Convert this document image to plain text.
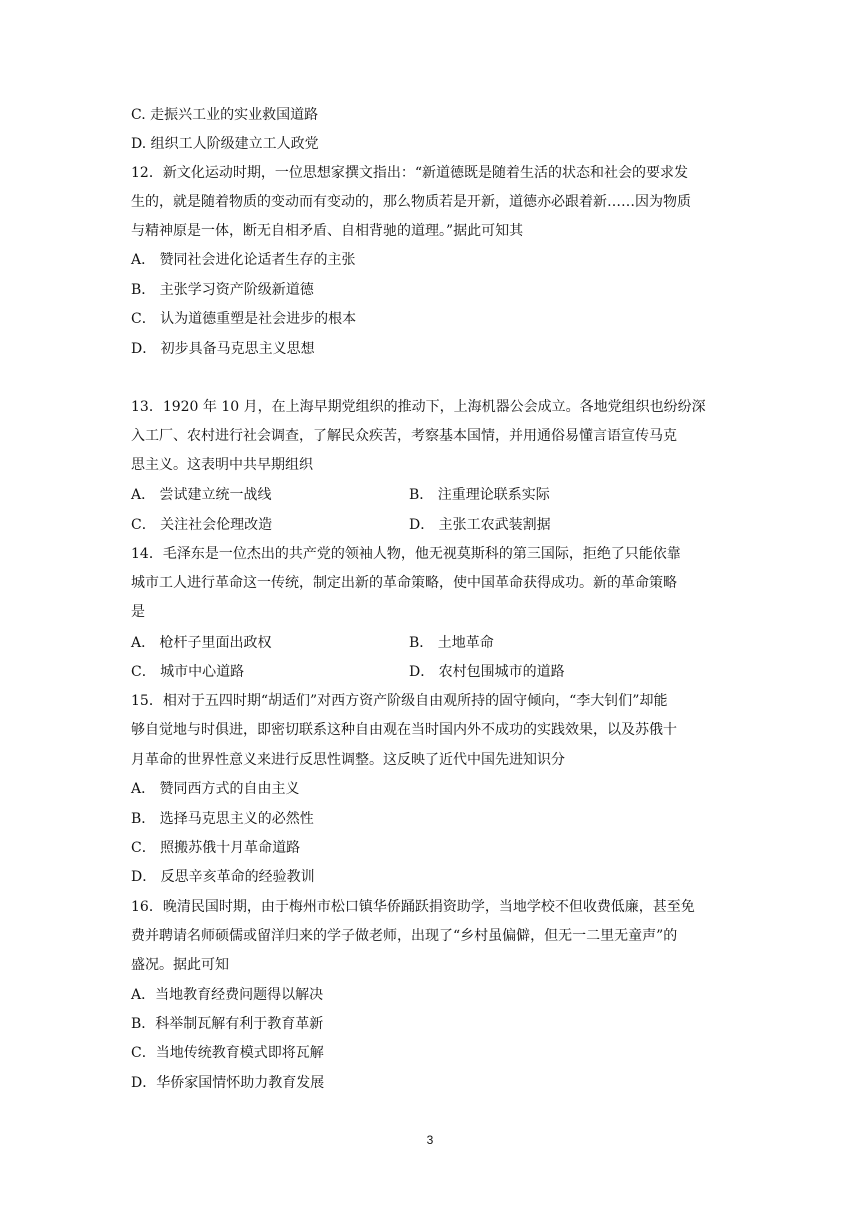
C. 走振兴工业的实业救国道路
D. 组织工人阶级建立工人政党
12．新文化运动时期，一位思想家撰文指出：“新道德既是随着生活的状态和社会的要求发
生的，就是随着物质的变动而有变动的，那么物质若是开新，道德亦必跟着新……因为物质
与精神原是一体，断无自相矛盾、自相背驰的道理。”据此可知其
A． 赞同社会进化论适者生存的主张
B． 主张学习资产阶级新道德
C． 认为道德重塑是社会进步的根本
D． 初步具备马克思主义思想
13．1920 年 10 月，在上海早期党组织的推动下，上海机器公会成立。各地党组织也纷纷深
入工厂、农村进行社会调查，了解民众疾苦，考察基本国情，并用通俗易懂言语宣传马克
思主义。这表明中共早期组织
A． 尝试建立统一战线	B． 注重理论联系实际
C． 关注社会伦理改造	D． 主张工农武装割据
14．毛泽东是一位杰出的共产党的领袖人物，他无视莫斯科的第三国际，拒绝了只能依靠
城市工人进行革命这一传统，制定出新的革命策略，使中国革命获得成功。新的革命策略
是
A． 枪杆子里面出政权	B． 土地革命
C． 城市中心道路	D． 农村包围城市的道路
15．相对于五四时期“胡适们”对西方资产阶级自由观所持的固守倾向，“李大钊们”却能
够自觉地与时俱进，即密切联系这种自由观在当时国内外不成功的实践效果，以及苏俄十
月革命的世界性意义来进行反思性调整。这反映了近代中国先进知识分
A． 赞同西方式的自由主义
B． 选择马克思主义的必然性
C． 照搬苏俄十月革命道路
D． 反思辛亥革命的经验教训
16．晚清民国时期，由于梅州市松口镇华侨踊跃捐资助学，当地学校不但收费低廉，甚至免
费并聘请名师硕儒或留洋归来的学子做老师，出现了“乡村虽偏僻，但无一二里无童声”的
盛况。据此可知
A．当地教育经费问题得以解决
B．科举制瓦解有利于教育革新
C．当地传统教育模式即将瓦解
D．华侨家国情怀助力教育发展
3
